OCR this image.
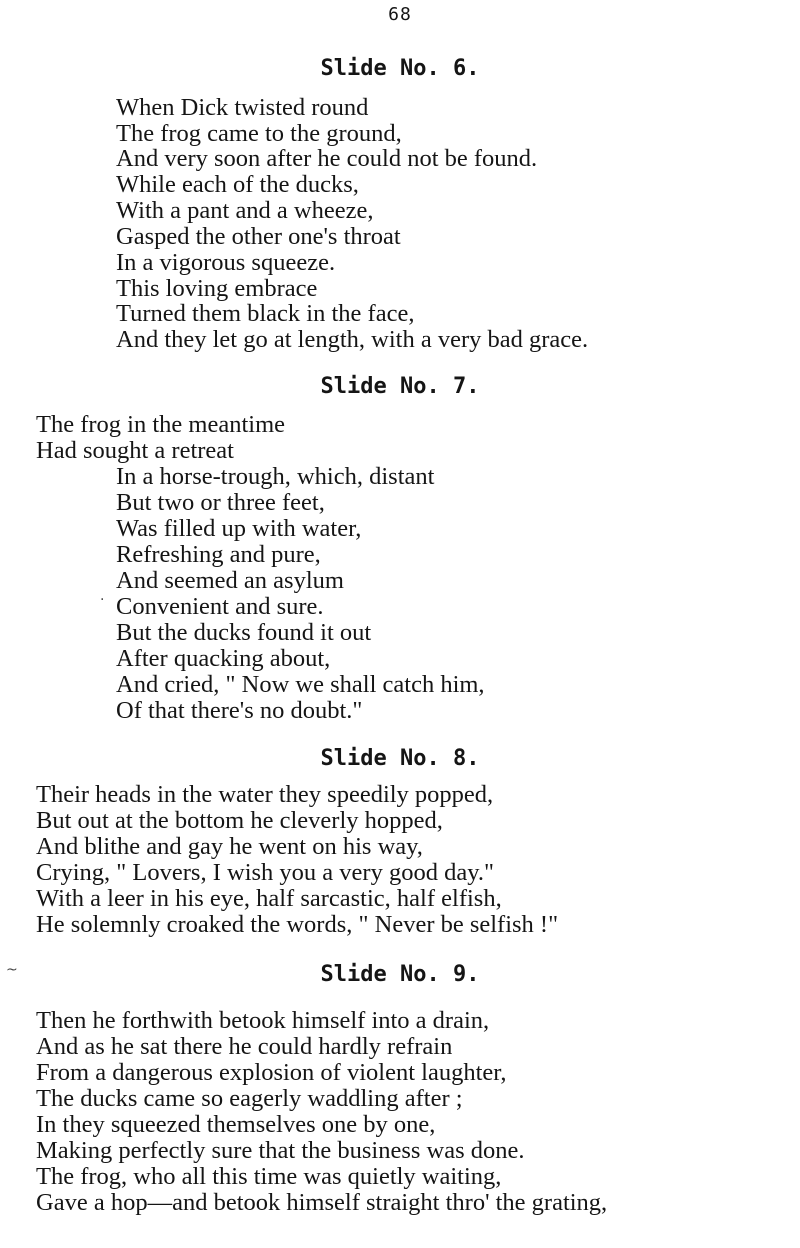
68
Slide No. 6.
When Dick twisted round
The frog came to the ground,
And very soon after he could not be found.
While each of the ducks,
With a pant and a wheeze,
Gasped the other one's throat
In a vigorous squeeze.
This loving embrace
Turned them black in the face,
And they let go at length, with a very bad grace.
Slide No. 7.
The frog in the meantime
Had sought a retreat
In a horse-trough, which, distant
But two or three feet,
Was filled up with water,
Refreshing and pure,
And seemed an asylum
Convenient and sure.
But the ducks found it out
After quacking about,
And cried, " Now we shall catch him,
Of that there's no doubt."
Slide No. 8.
Their heads in the water they speedily popped,
But out at the bottom he cleverly hopped,
And blithe and gay he went on his way,
Crying, " Lovers, I wish you a very good day."
With a leer in his eye, half sarcastic, half elfish,
He solemnly croaked the words, " Never be selfish !"
Slide No. 9.
Then he forthwith betook himself into a drain,
And as he sat there he could hardly refrain
From a dangerous explosion of violent laughter,
The ducks came so eagerly waddling after ;
In they squeezed themselves one by one,
Making perfectly sure that the business was done.
The frog, who all this time was quietly waiting,
Gave a hop—and betook himself straight thro' the grating,
~
·
